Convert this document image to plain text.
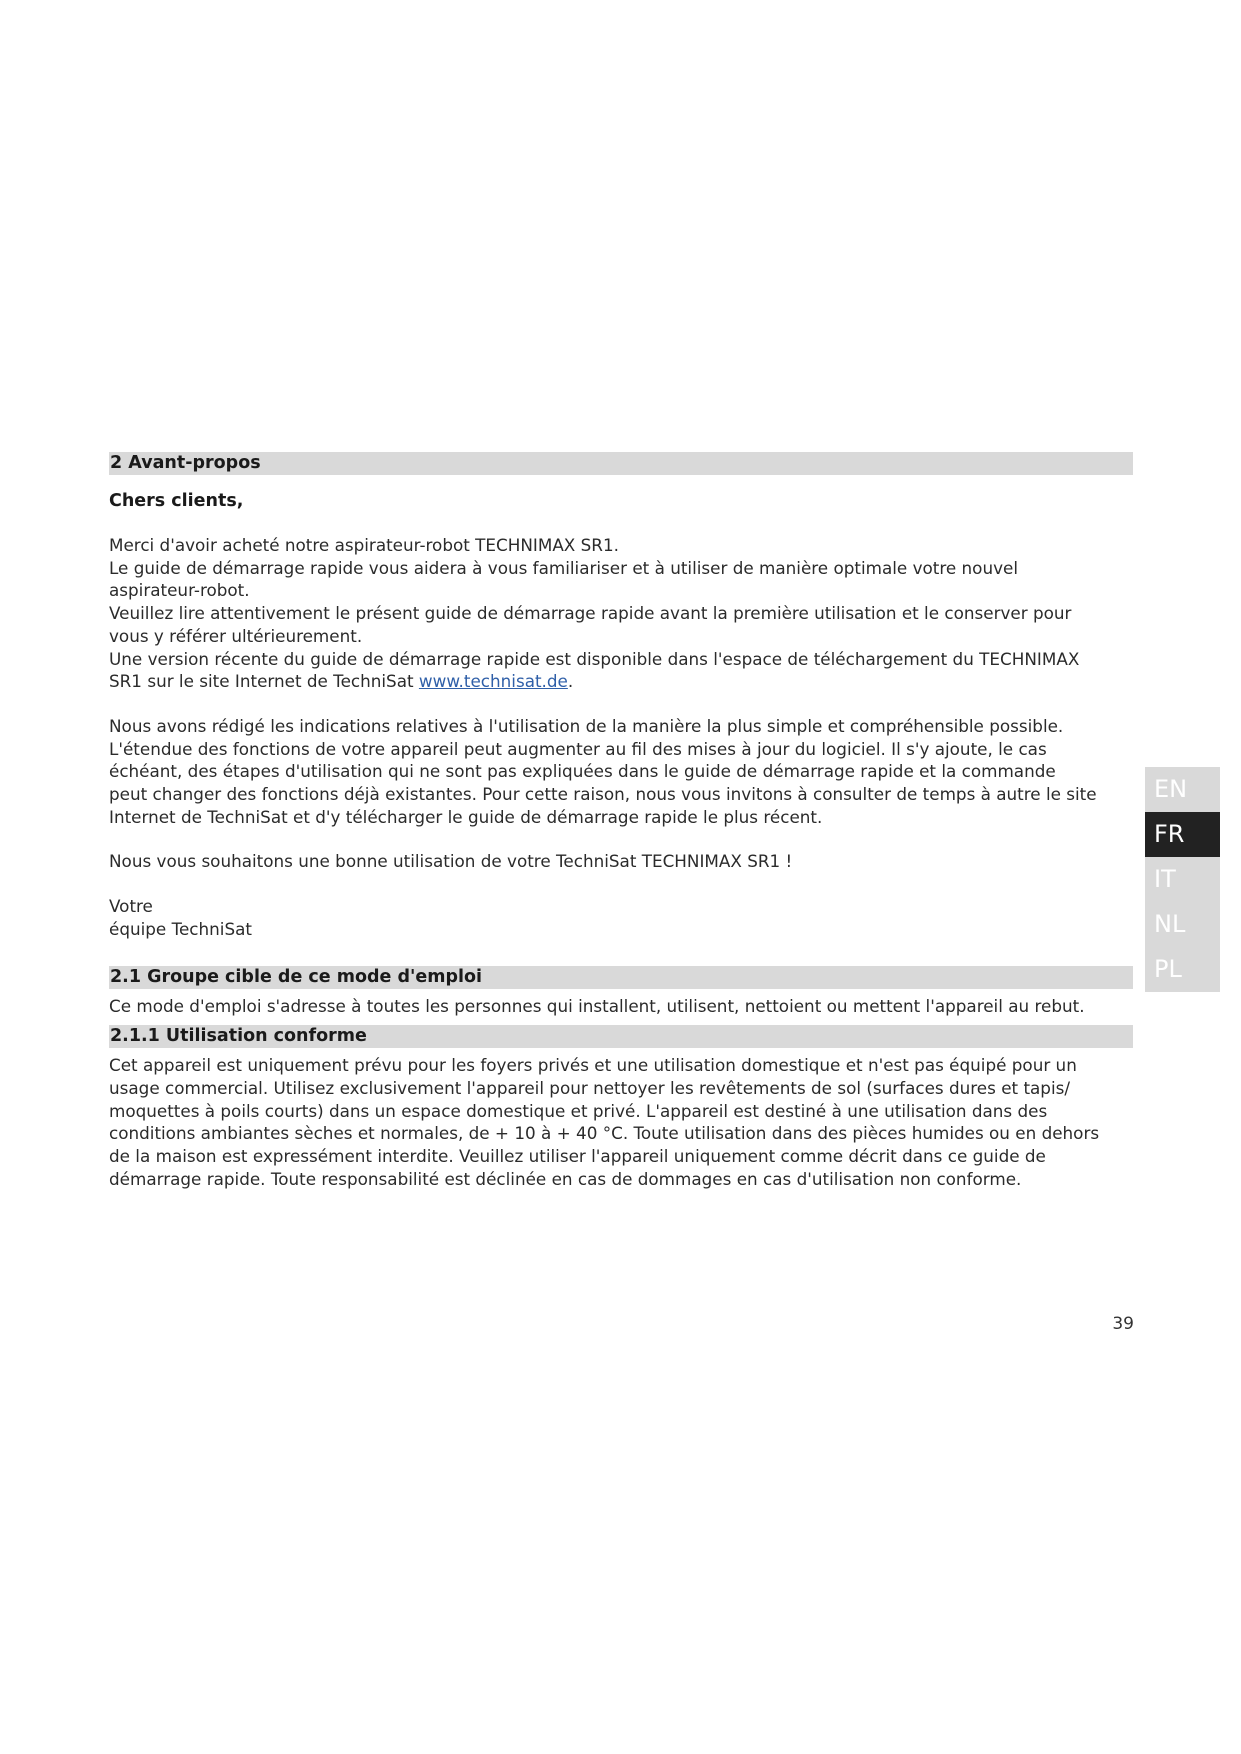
2 Avant-propos
Chers clients,

Merci d'avoir acheté notre aspirateur-robot TECHNIMAX SR1.

Le guide de démarrage rapide vous aidera à vous familiariser et à utiliser de manière optimale votre nouvel

aspirateur-robot.

Veuillez lire attentivement le présent guide de démarrage rapide avant la première utilisation et le conserver pour

vous y référer ultérieurement.

Une version récente du guide de démarrage rapide est disponible dans l'espace de téléchargement du TECHNIMAX

SR1 sur le site Internet de TechniSat www.technisat.de.

Nous avons rédigé les indications relatives à l'utilisation de la manière la plus simple et compréhensible possible.

L'étendue des fonctions de votre appareil peut augmenter au fil des mises à jour du logiciel. Il s'y ajoute, le cas

échéant, des étapes d'utilisation qui ne sont pas expliquées dans le guide de démarrage rapide et la commande

peut changer des fonctions déjà existantes. Pour cette raison, nous vous invitons à consulter de temps à autre le site

Internet de TechniSat et d'y télécharger le guide de démarrage rapide le plus récent.

Nous vous souhaitons une bonne utilisation de votre TechniSat TECHNIMAX SR1 !

Votre

équipe TechniSat

2.1 Groupe cible de ce mode d'emploi

Ce mode d'emploi s'adresse à toutes les personnes qui installent, utilisent, nettoient ou mettent l'appareil au rebut.

2.1.1 Utilisation conforme

Cet appareil est uniquement prévu pour les foyers privés et une utilisation domestique et n'est pas équipé pour un

usage commercial. Utilisez exclusivement l'appareil pour nettoyer les revêtements de sol (surfaces dures et tapis/

moquettes à poils courts) dans un espace domestique et privé. L'appareil est destiné à une utilisation dans des

conditions ambiantes sèches et normales, de + 10 à + 40 °C. Toute utilisation dans des pièces humides ou en dehors

de la maison est expressément interdite. Veuillez utiliser l'appareil uniquement comme décrit dans ce guide de

démarrage rapide. Toute responsabilité est déclinée en cas de dommages en cas d'utilisation non conforme.

EN
FR
IT
NL
PL
39
